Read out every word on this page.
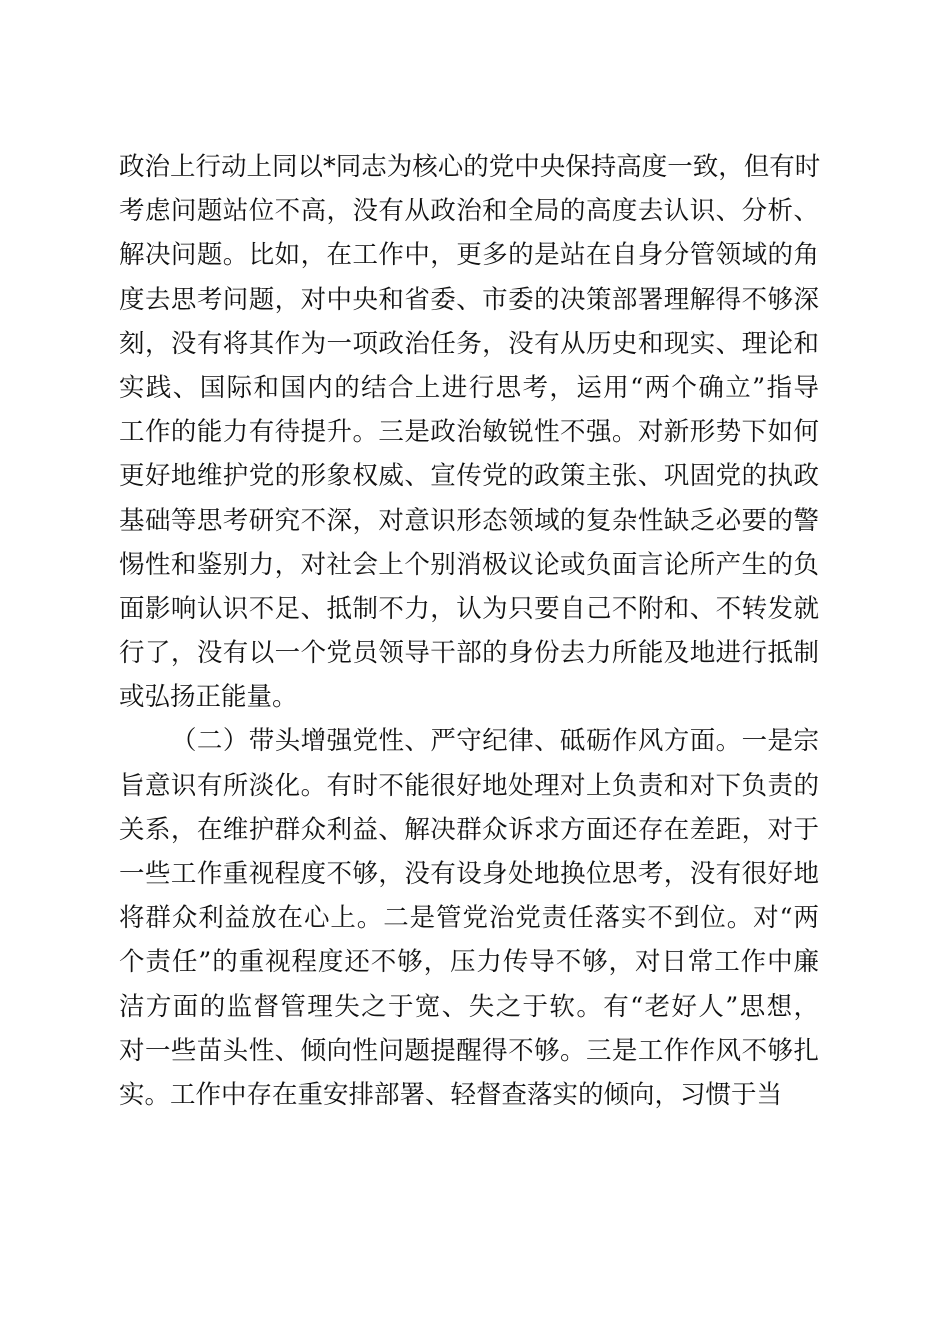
政治上行动上同以*同志为核心的党中央保持高度一致，但有时
考虑问题站位不高，没有从政治和全局的高度去认识、分析、
解决问题。比如，在工作中，更多的是站在自身分管领域的角
度去思考问题，对中央和省委、市委的决策部署理解得不够深
刻，没有将其作为一项政治任务，没有从历史和现实、理论和
实践、国际和国内的结合上进行思考，运用“两个确立”指导
工作的能力有待提升。三是政治敏锐性不强。对新形势下如何
更好地维护党的形象权威、宣传党的政策主张、巩固党的执政
基础等思考研究不深，对意识形态领域的复杂性缺乏必要的警
惕性和鉴别力，对社会上个别消极议论或负面言论所产生的负
面影响认识不足、抵制不力，认为只要自己不附和、不转发就
行了，没有以一个党员领导干部的身份去力所能及地进行抵制
或弘扬正能量。
（二）带头增强党性、严守纪律、砥砺作风方面。一是宗
旨意识有所淡化。有时不能很好地处理对上负责和对下负责的
关系，在维护群众利益、解决群众诉求方面还存在差距，对于
一些工作重视程度不够，没有设身处地换位思考，没有很好地
将群众利益放在心上。二是管党治党责任落实不到位。对“两
个责任”的重视程度还不够，压力传导不够，对日常工作中廉
洁方面的监督管理失之于宽、失之于软。有“老好人”思想，
对一些苗头性、倾向性问题提醒得不够。三是工作作风不够扎
实。工作中存在重安排部署、轻督查落实的倾向，习惯于当
